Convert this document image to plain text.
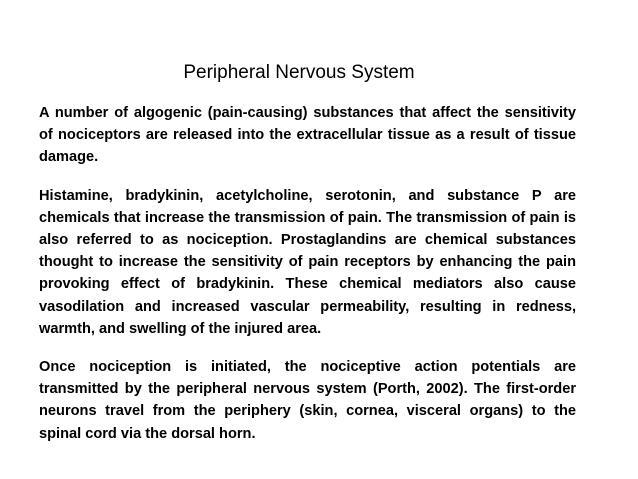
Peripheral Nervous System

A number of algogenic (pain-causing) substances that affect the sensitivity of nociceptors are released into the extracellular tissue as a result of tissue damage.

Histamine, bradykinin, acetylcholine, serotonin, and substance P are chemicals that increase the transmission of pain. The transmission of pain is also referred to as nociception. Prostaglandins are chemical substances thought to increase the sensitivity of pain receptors by enhancing the pain provoking effect of bradykinin. These chemical mediators also cause vasodilation and increased vascular permeability, resulting in redness, warmth, and swelling of the injured area.

Once nociception is initiated, the nociceptive action potentials are transmitted by the peripheral nervous system (Porth, 2002). The first-order neurons travel from the periphery (skin, cornea, visceral organs) to the spinal cord via the dorsal horn.
